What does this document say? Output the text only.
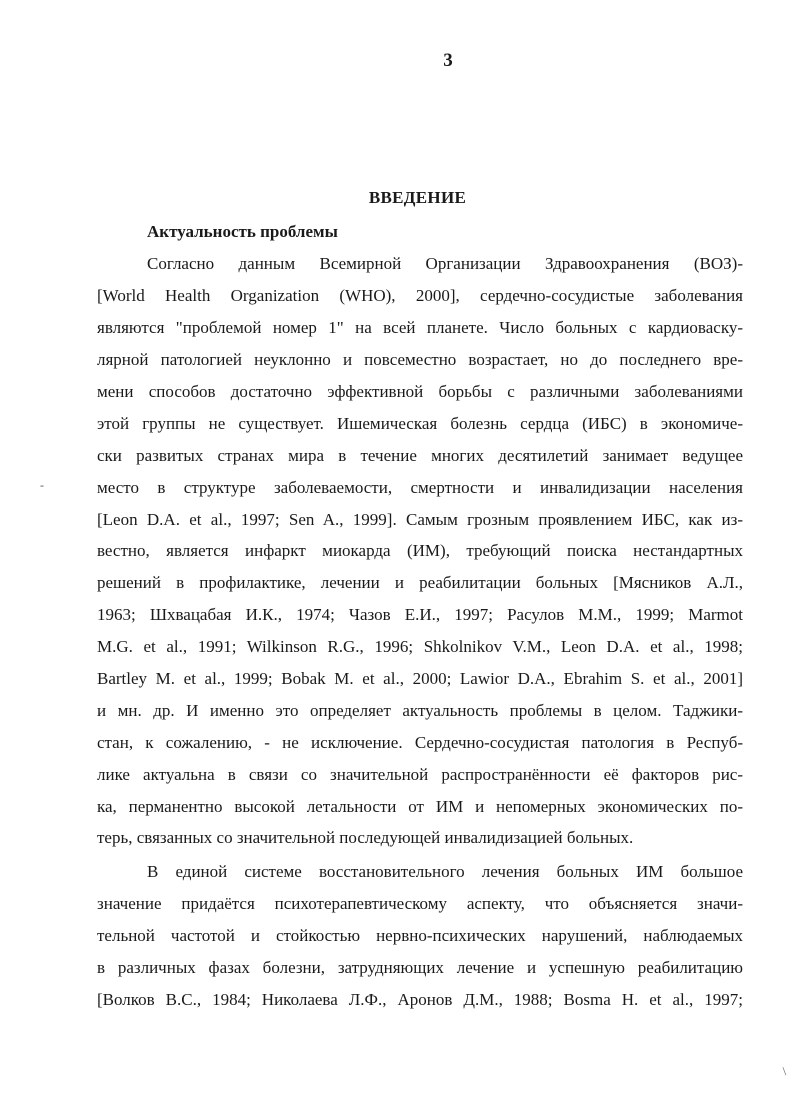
3
ВВЕДЕНИЕ
Актуальность проблемы
Согласно данным Всемирной Организации Здравоохранения (ВОЗ)-
[World Health Organization (WHO), 2000], сердечно-сосудистые заболевания
являются "проблемой номер 1" на всей планете. Число больных с кардиоваску-
лярной патологией неуклонно и повсеместно возрастает, но до последнего вре-
мени способов достаточно эффективной борьбы с различными заболеваниями
этой группы не существует. Ишемическая болезнь сердца (ИБС) в экономиче-
ски развитых странах мира в течение многих десятилетий занимает ведущее
место в структуре заболеваемости, смертности и инвалидизации населения
[Leon D.A. et al., 1997; Sen A., 1999]. Самым грозным проявлением ИБС, как из-
вестно, является инфаркт миокарда (ИМ), требующий поиска нестандартных
решений в профилактике, лечении и реабилитации больных [Мясников А.Л.,
1963; Шхвацабая И.К., 1974; Чазов Е.И., 1997; Расулов М.М., 1999; Marmot
M.G. et al., 1991; Wilkinson R.G., 1996; Shkolnikov V.M., Leon D.A. et al., 1998;
Bartley M. et al., 1999; Bobak M. et al., 2000; Lawior D.A., Ebrahim S. et al., 2001]
и мн. др. И именно это определяет актуальность проблемы в целом. Таджики-
стан, к сожалению, - не исключение. Сердечно-сосудистая патология в Респуб-
лике актуальна в связи со значительной распространённости её факторов рис-
ка, перманентно высокой летальности от ИМ и непомерных экономических по-
терь, связанных со значительной последующей инвалидизацией больных.
В единой системе восстановительного лечения больных ИМ большое
значение придаётся психотерапевтическому аспекту, что объясняется значи-
тельной частотой и стойкостью нервно-психических нарушений, наблюдаемых
в различных фазах болезни, затрудняющих лечение и успешную реабилитацию
[Волков В.С., 1984; Николаева Л.Ф., Аронов Д.М., 1988; Bosma H. et al., 1997;
-
/
